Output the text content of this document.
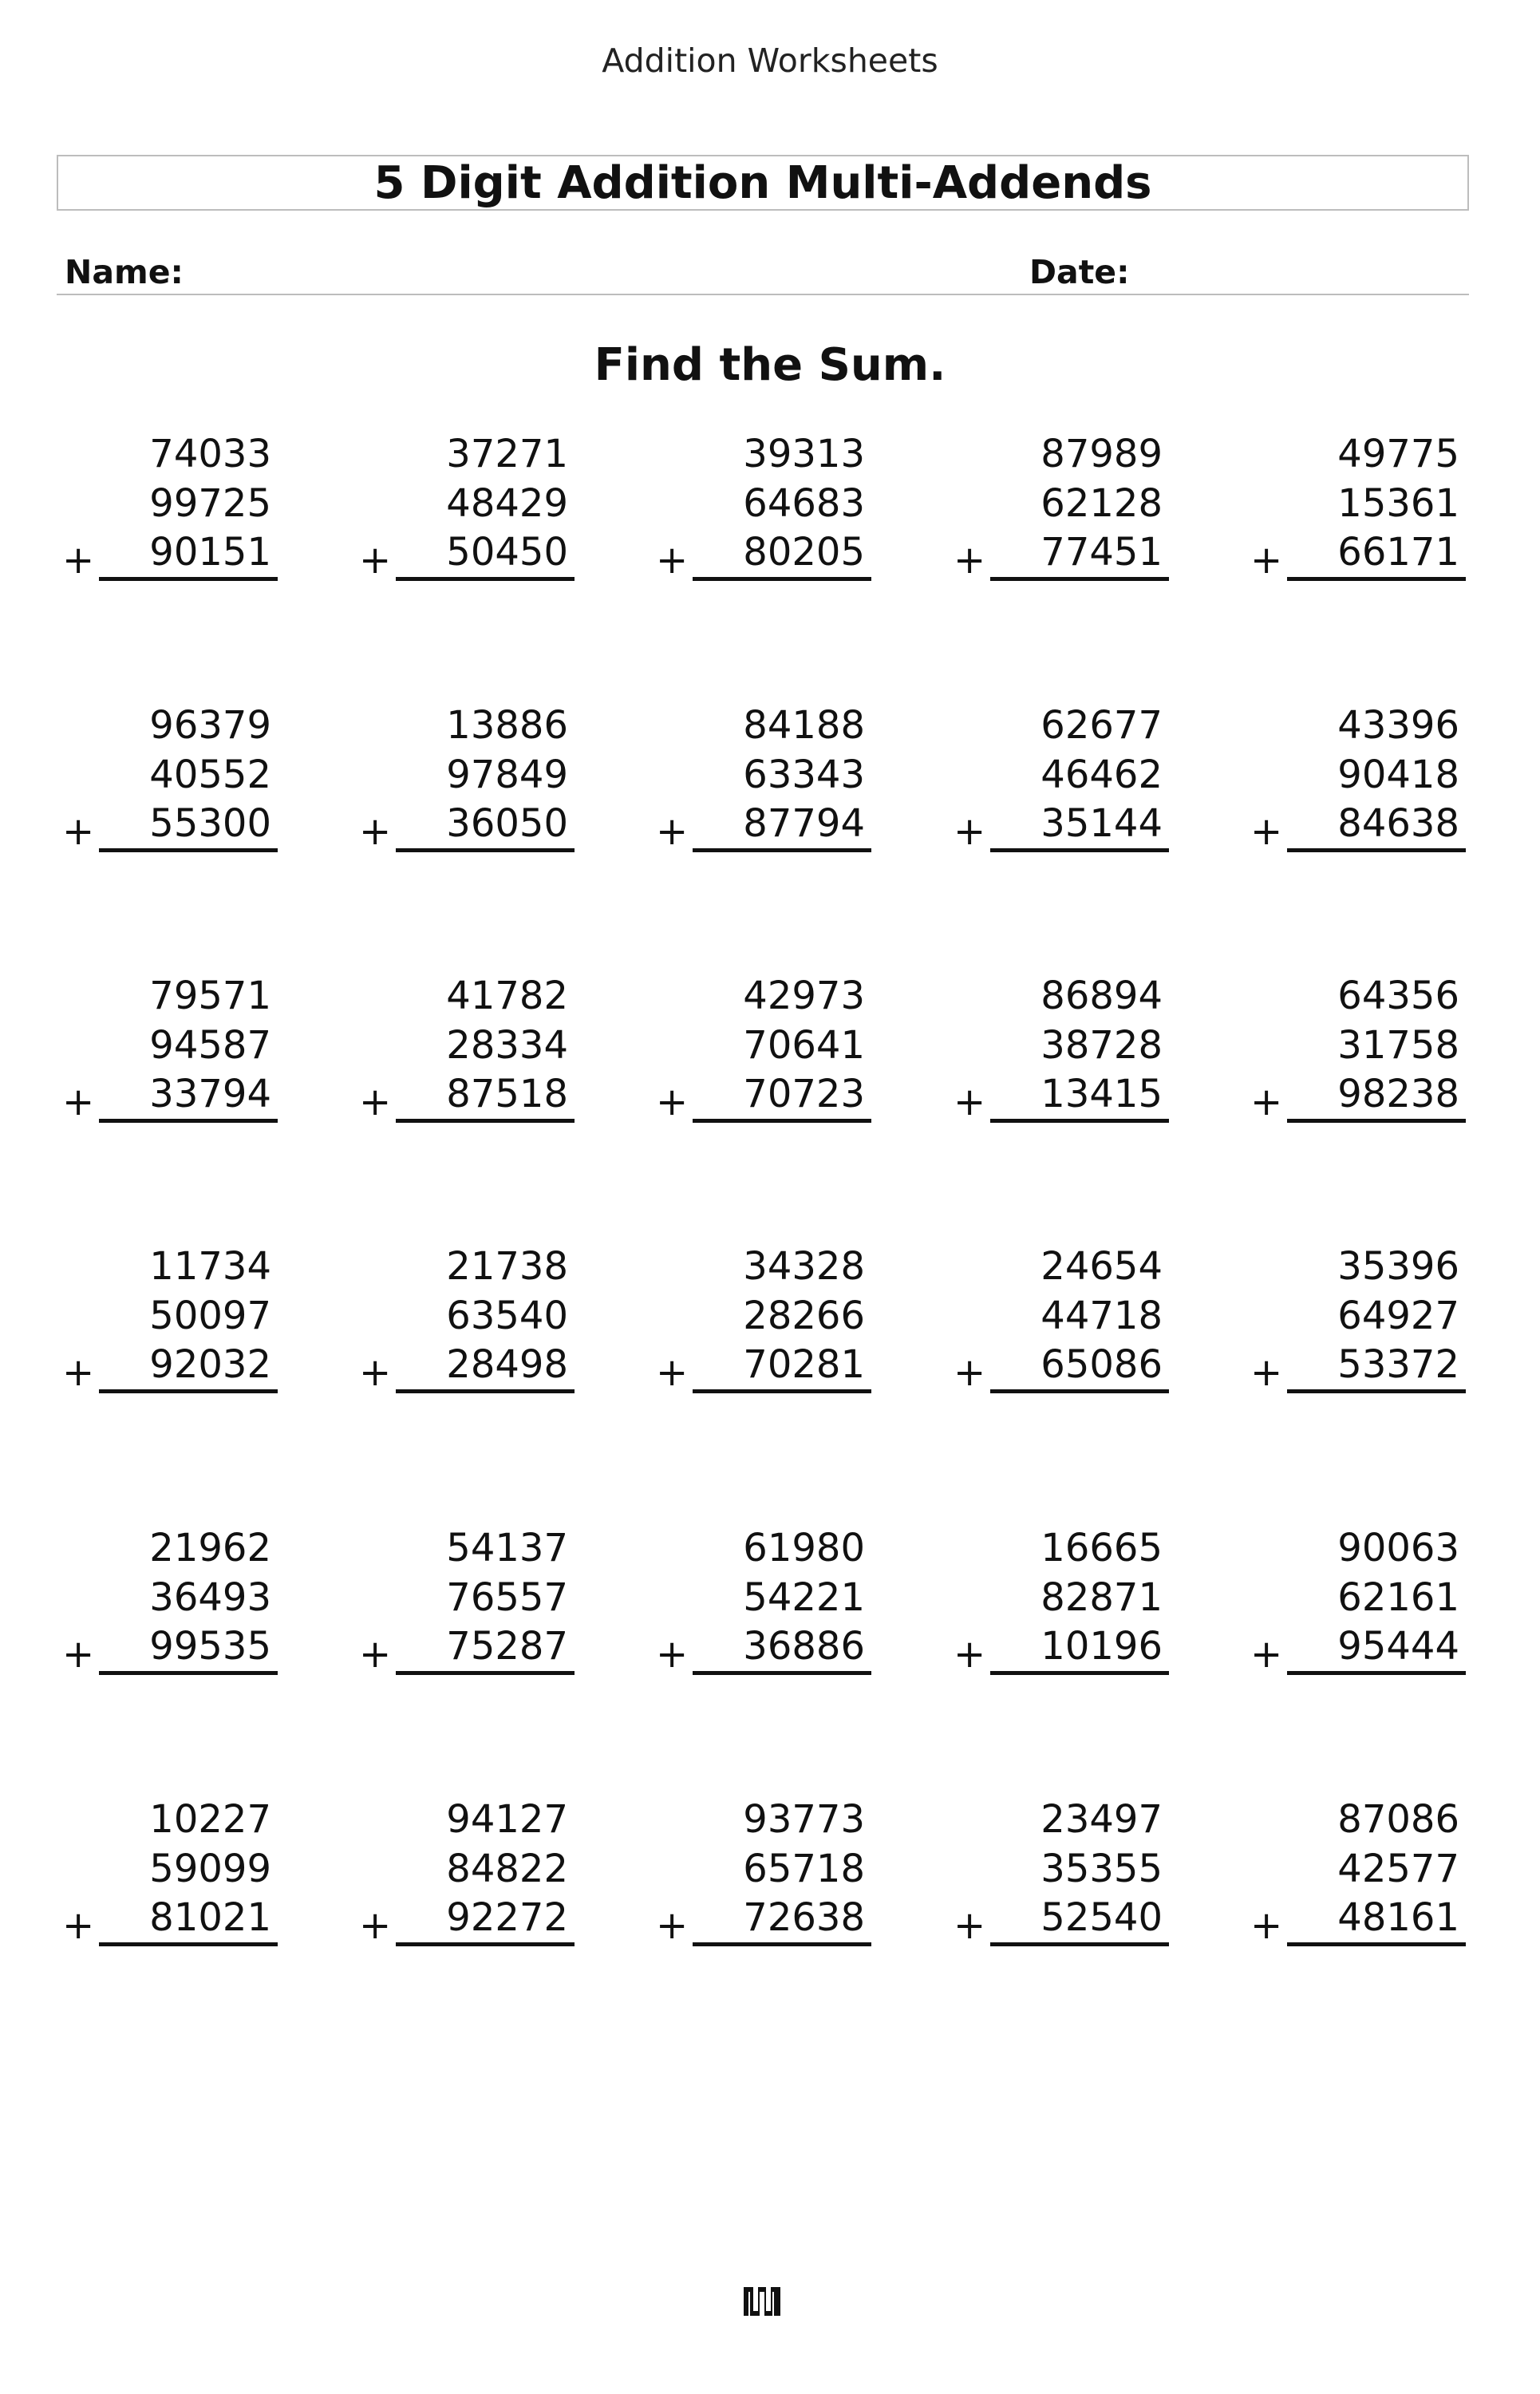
Addition Worksheets
5 Digit Addition Multi-Addends
Name:	Date:
Find the Sum.
74033
99725
90151
+
37271
48429
50450
+
39313
64683
80205
+
87989
62128
77451
+
49775
15361
66171
+
96379
40552
55300
+
13886
97849
36050
+
84188
63343
87794
+
62677
46462
35144
+
43396
90418
84638
+
79571
94587
33794
+
41782
28334
87518
+
42973
70641
70723
+
86894
38728
13415
+
64356
31758
98238
+
11734
50097
92032
+
21738
63540
28498
+
34328
28266
70281
+
24654
44718
65086
+
35396
64927
53372
+
21962
36493
99535
+
54137
76557
75287
+
61980
54221
36886
+
16665
82871
10196
+
90063
62161
95444
+
10227
59099
81021
+
94127
84822
92272
+
93773
65718
72638
+
23497
35355
52540
+
87086
42577
48161
+
